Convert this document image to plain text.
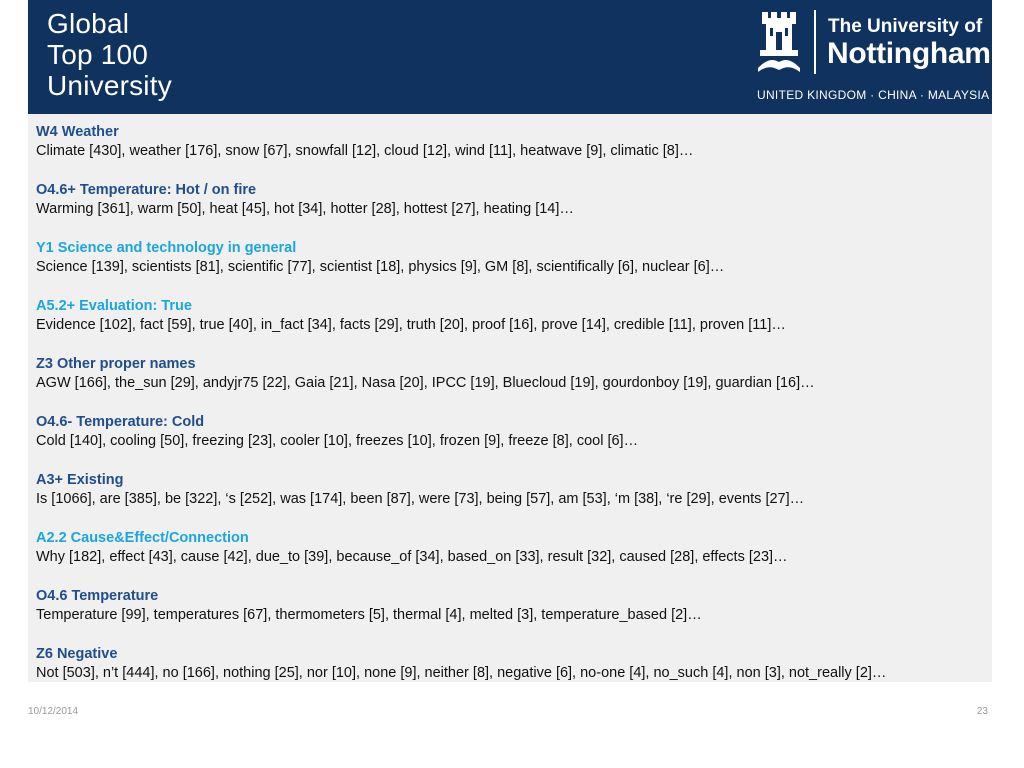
Global
Top 100
University
The University of
Nottingham
UNITED KINGDOM · CHINA · MALAYSIA
W4 Weather
Climate [430], weather [176], snow [67], snowfall [12], cloud [12], wind [11], heatwave [9], climatic [8]…
O4.6+ Temperature: Hot / on fire
Warming [361], warm [50], heat [45], hot [34], hotter [28], hottest [27], heating [14]…
Y1 Science and technology in general
Science [139], scientists [81], scientific [77], scientist [18], physics [9], GM [8], scientifically [6], nuclear [6]…
A5.2+ Evaluation: True
Evidence [102], fact [59], true [40], in_fact [34], facts [29], truth [20], proof [16], prove [14], credible [11], proven [11]…
Z3 Other proper names
AGW [166], the_sun [29], andyjr75 [22], Gaia [21], Nasa [20], IPCC [19], Bluecloud [19], gourdonboy [19], guardian [16]…
O4.6- Temperature: Cold
Cold [140], cooling [50], freezing [23], cooler [10], freezes [10], frozen [9], freeze [8], cool [6]…
A3+ Existing
Is [1066], are [385], be [322], ‘s [252], was [174], been [87], were [73], being [57], am [53], ‘m [38], ‘re [29], events [27]…
A2.2 Cause&Effect/Connection
Why [182], effect [43], cause [42], due_to [39], because_of [34], based_on [33], result [32], caused [28], effects [23]…
O4.6 Temperature
Temperature [99], temperatures [67], thermometers [5], thermal [4], melted [3], temperature_based [2]…
Z6 Negative
Not [503], n’t [444], no [166], nothing [25], nor [10], none [9], neither [8], negative [6], no-one [4], no_such [4], non [3], not_really [2]…
10/12/2014	23
